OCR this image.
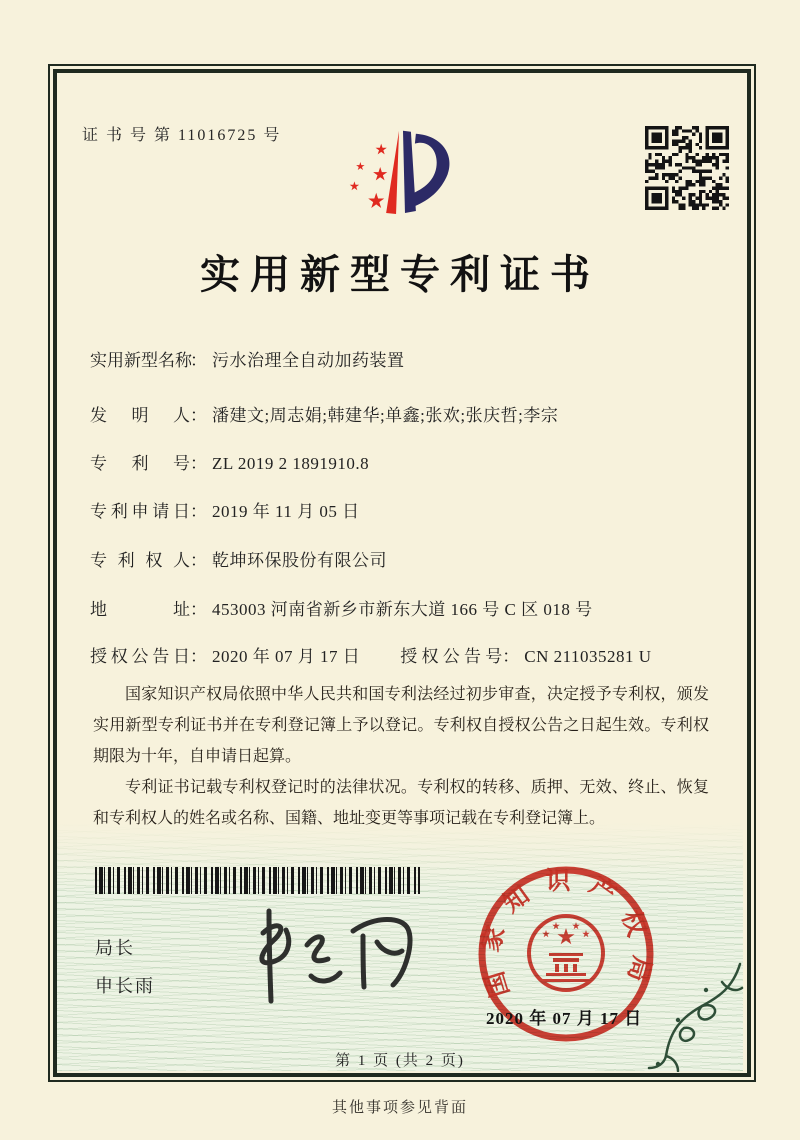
证 书 号 第 11016725 号
实用新型专利证书
实用新型名称： 污水治理全自动加药装置
发明人： 潘建文;周志娟;韩建华;单鑫;张欢;张庆哲;李宗
专利号： ZL 2019 2 1891910.8
专利申请日： 2019 年 11 月 05 日
专利权人： 乾坤环保股份有限公司
地址： 453003 河南省新乡市新东大道 166 号 C 区 018 号
授权公告日： 2020 年 07 月 17 日 授权公告号： CN 211035281 U

国家知识产权局依照中华人民共和国专利法经过初步审查，决定授予专利权，颁发实用新型专利证书并在专利登记簿上予以登记。专利权自授权公告之日起生效。专利权期限为十年，自申请日起算。

专利证书记载专利权登记时的法律状况。专利权的转移、质押、无效、终止、恢复和专利权人的姓名或名称、国籍、地址变更等事项记载在专利登记簿上。

局长
申长雨	国家知识产权局
2020 年 07 月 17 日
第 1 页 (共 2 页)
其他事项参见背面
